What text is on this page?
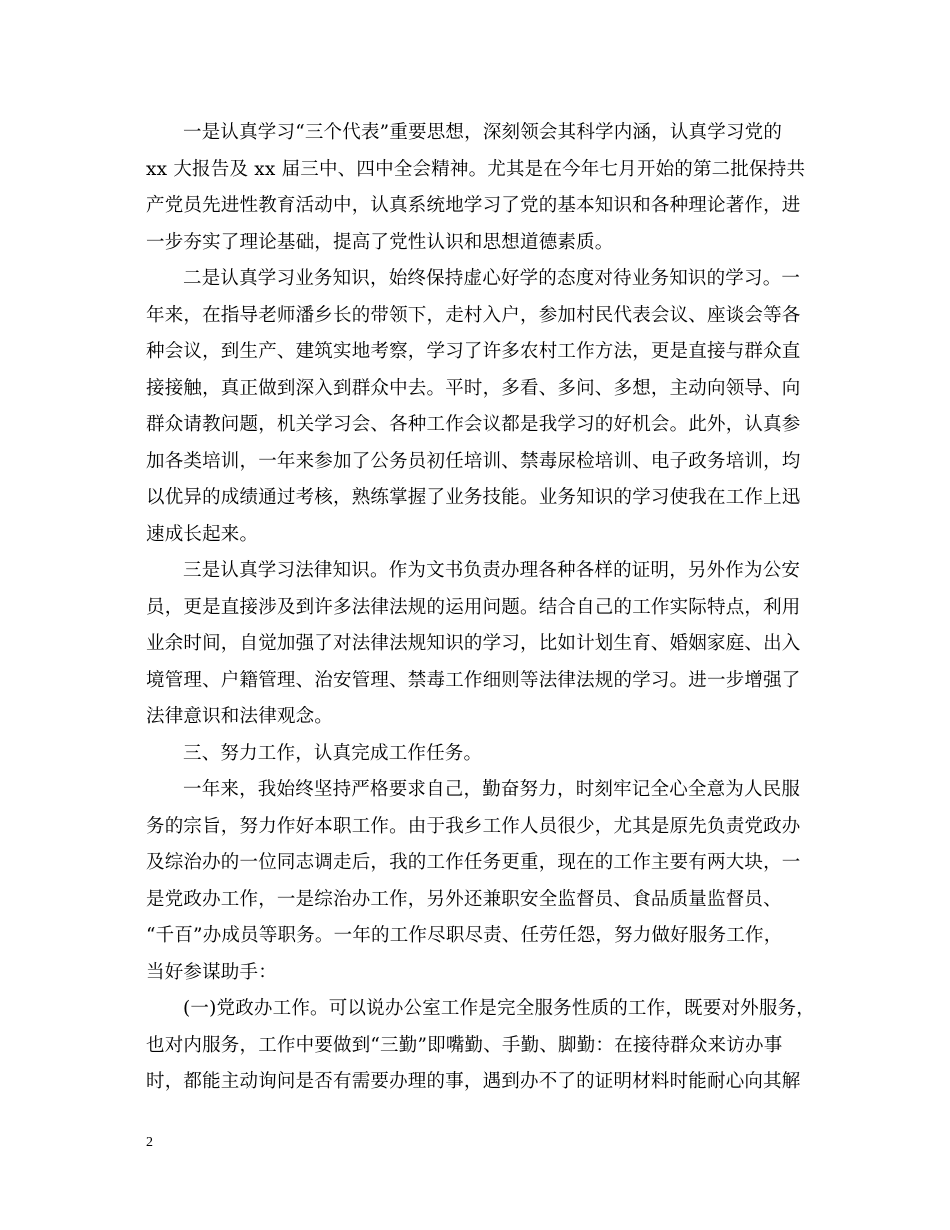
一是认真学习“三个代表”重要思想，深刻领会其科学内涵，认真学习党的
xx 大报告及 xx 届三中、四中全会精神。尤其是在今年七月开始的第二批保持共
产党员先进性教育活动中，认真系统地学习了党的基本知识和各种理论著作，进
一步夯实了理论基础，提高了党性认识和思想道德素质。

二是认真学习业务知识，始终保持虚心好学的态度对待业务知识的学习。一
年来，在指导老师潘乡长的带领下，走村入户，参加村民代表会议、座谈会等各
种会议，到生产、建筑实地考察，学习了许多农村工作方法，更是直接与群众直
接接触，真正做到深入到群众中去。平时，多看、多问、多想，主动向领导、向
群众请教问题，机关学习会、各种工作会议都是我学习的好机会。此外，认真参
加各类培训，一年来参加了公务员初任培训、禁毒尿检培训、电子政务培训，均
以优异的成绩通过考核，熟练掌握了业务技能。业务知识的学习使我在工作上迅
速成长起来。

三是认真学习法律知识。作为文书负责办理各种各样的证明，另外作为公安
员，更是直接涉及到许多法律法规的运用问题。结合自己的工作实际特点，利用
业余时间，自觉加强了对法律法规知识的学习，比如计划生育、婚姻家庭、出入
境管理、户籍管理、治安管理、禁毒工作细则等法律法规的学习。进一步增强了
法律意识和法律观念。

三、努力工作，认真完成工作任务。

一年来，我始终坚持严格要求自己，勤奋努力，时刻牢记全心全意为人民服
务的宗旨，努力作好本职工作。由于我乡工作人员很少，尤其是原先负责党政办
及综治办的一位同志调走后，我的工作任务更重，现在的工作主要有两大块，一
是党政办工作，一是综治办工作，另外还兼职安全监督员、食品质量监督员、
“千百”办成员等职务。一年的工作尽职尽责、任劳任怨，努力做好服务工作，
当好参谋助手：

(一)党政办工作。可以说办公室工作是完全服务性质的工作，既要对外服务，
也对内服务，工作中要做到“三勤”即嘴勤、手勤、脚勤：在接待群众来访办事
时，都能主动询问是否有需要办理的事，遇到办不了的证明材料时能耐心向其解

2
